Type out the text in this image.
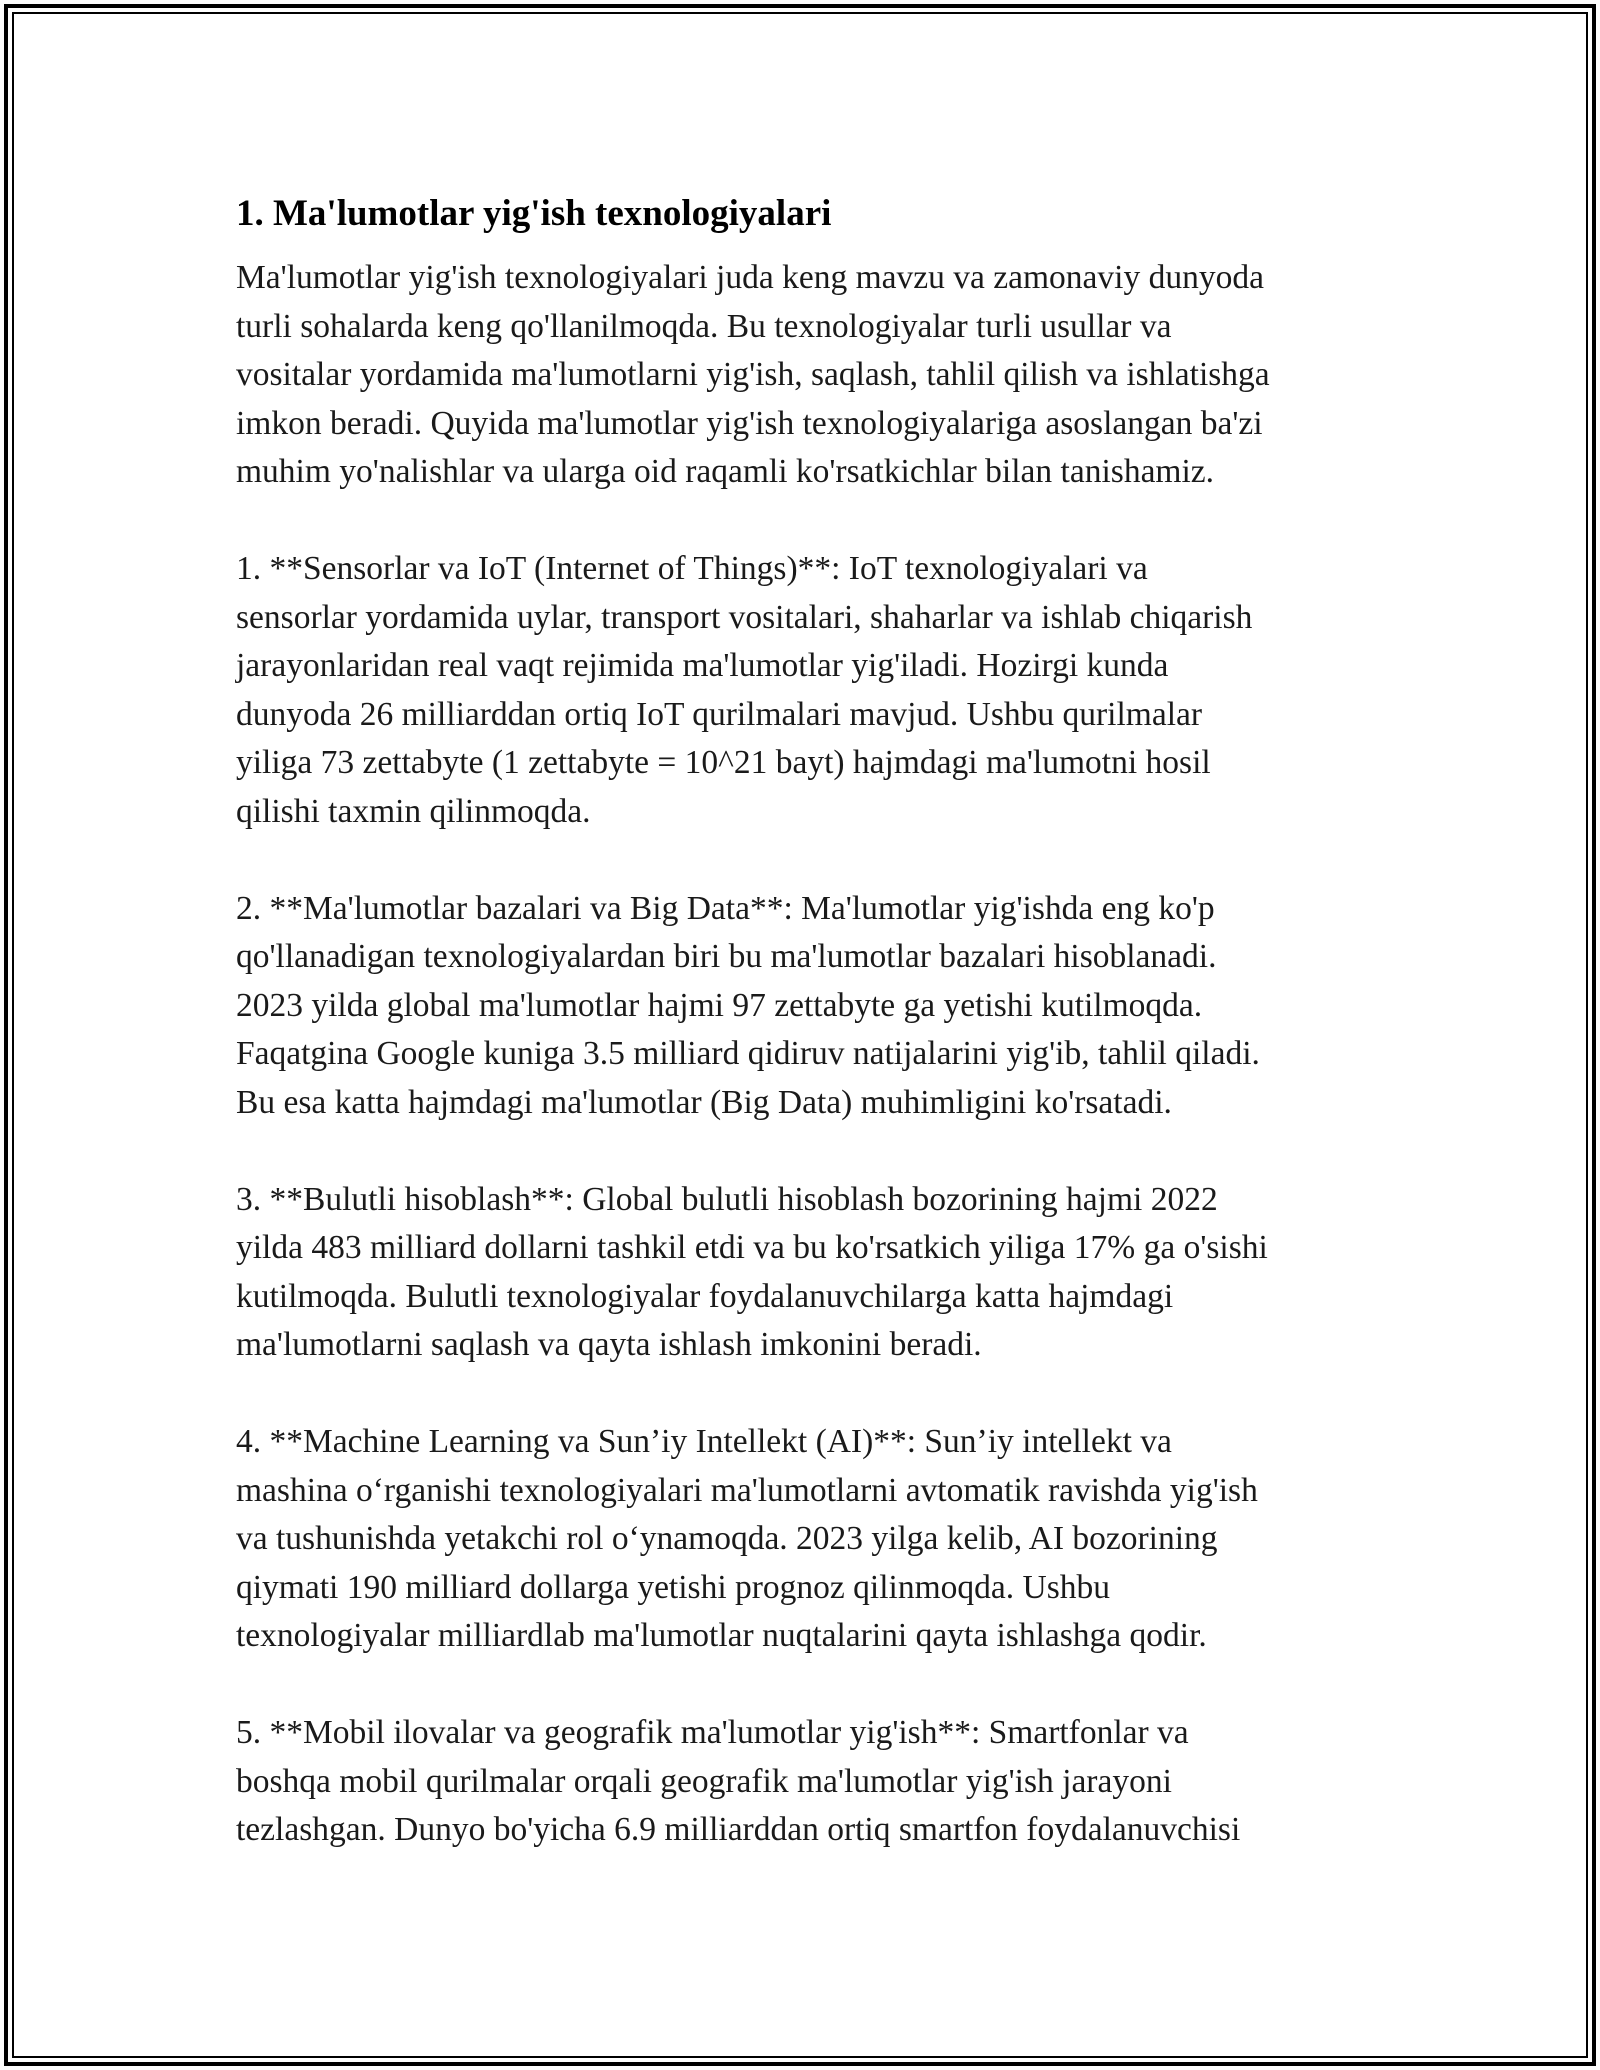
1. Ma'lumotlar yig'ish texnologiyalari

Ma'lumotlar yig'ish texnologiyalari juda keng mavzu va zamonaviy dunyoda
turli sohalarda keng qo'llanilmoqda. Bu texnologiyalar turli usullar va
vositalar yordamida ma'lumotlarni yig'ish, saqlash, tahlil qilish va ishlatishga
imkon beradi. Quyida ma'lumotlar yig'ish texnologiyalariga asoslangan ba'zi
muhim yo'nalishlar va ularga oid raqamli ko'rsatkichlar bilan tanishamiz.

1. **Sensorlar va IoT (Internet of Things)**: IoT texnologiyalari va
sensorlar yordamida uylar, transport vositalari, shaharlar va ishlab chiqarish
jarayonlaridan real vaqt rejimida ma'lumotlar yig'iladi. Hozirgi kunda
dunyoda 26 milliarddan ortiq IoT qurilmalari mavjud. Ushbu qurilmalar
yiliga 73 zettabyte (1 zettabyte = 10^21 bayt) hajmdagi ma'lumotni hosil
qilishi taxmin qilinmoqda.

2. **Ma'lumotlar bazalari va Big Data**: Ma'lumotlar yig'ishda eng ko'p
qo'llanadigan texnologiyalardan biri bu ma'lumotlar bazalari hisoblanadi.
2023 yilda global ma'lumotlar hajmi 97 zettabyte ga yetishi kutilmoqda.
Faqatgina Google kuniga 3.5 milliard qidiruv natijalarini yig'ib, tahlil qiladi.
Bu esa katta hajmdagi ma'lumotlar (Big Data) muhimligini ko'rsatadi.

3. **Bulutli hisoblash**: Global bulutli hisoblash bozorining hajmi 2022
yilda 483 milliard dollarni tashkil etdi va bu ko'rsatkich yiliga 17% ga o'sishi
kutilmoqda. Bulutli texnologiyalar foydalanuvchilarga katta hajmdagi
ma'lumotlarni saqlash va qayta ishlash imkonini beradi.

4. **Machine Learning va Sun’iy Intellekt (AI)**: Sun’iy intellekt va
mashina o‘rganishi texnologiyalari ma'lumotlarni avtomatik ravishda yig'ish
va tushunishda yetakchi rol o‘ynamoqda. 2023 yilga kelib, AI bozorining
qiymati 190 milliard dollarga yetishi prognoz qilinmoqda. Ushbu
texnologiyalar milliardlab ma'lumotlar nuqtalarini qayta ishlashga qodir.

5. **Mobil ilovalar va geografik ma'lumotlar yig'ish**: Smartfonlar va
boshqa mobil qurilmalar orqali geografik ma'lumotlar yig'ish jarayoni
tezlashgan. Dunyo bo'yicha 6.9 milliarddan ortiq smartfon foydalanuvchisi
